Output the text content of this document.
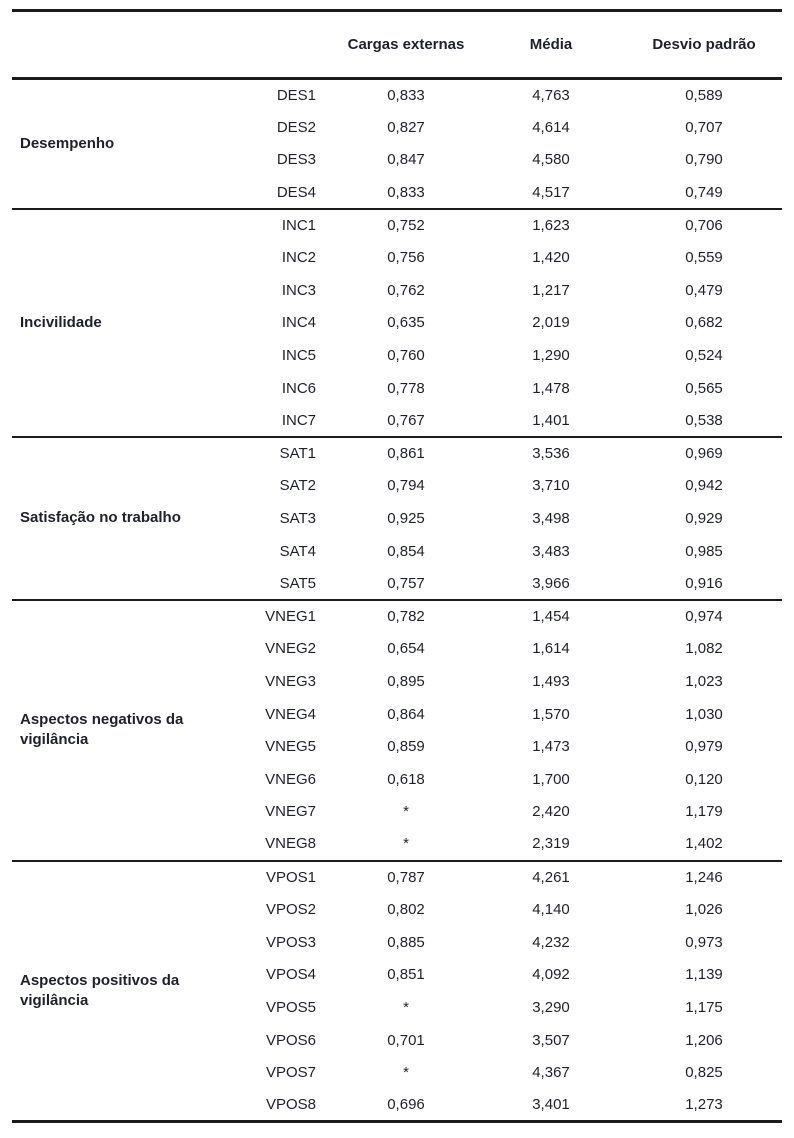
		Cargas externas	Média	Desvio padrão

Desempenho	DES1	0,833	4,763	0,589
	DES2	0,827	4,614	0,707
	DES3	0,847	4,580	0,790
	DES4	0,833	4,517	0,749

Incivilidade	INC1	0,752	1,623	0,706
	INC2	0,756	1,420	0,559
	INC3	0,762	1,217	0,479
	INC4	0,635	2,019	0,682
	INC5	0,760	1,290	0,524
	INC6	0,778	1,478	0,565
	INC7	0,767	1,401	0,538

Satisfação no trabalho	SAT1	0,861	3,536	0,969
	SAT2	0,794	3,710	0,942
	SAT3	0,925	3,498	0,929
	SAT4	0,854	3,483	0,985
	SAT5	0,757	3,966	0,916

Aspectos negativos da vigilância	VNEG1	0,782	1,454	0,974
	VNEG2	0,654	1,614	1,082
	VNEG3	0,895	1,493	1,023
	VNEG4	0,864	1,570	1,030
	VNEG5	0,859	1,473	0,979
	VNEG6	0,618	1,700	0,120
	VNEG7	*	2,420	1,179
	VNEG8	*	2,319	1,402

Aspectos positivos da vigilância	VPOS1	0,787	4,261	1,246
	VPOS2	0,802	4,140	1,026
	VPOS3	0,885	4,232	0,973
	VPOS4	0,851	4,092	1,139
	VPOS5	*	3,290	1,175
	VPOS6	0,701	3,507	1,206
	VPOS7	*	4,367	0,825
	VPOS8	0,696	3,401	1,273
